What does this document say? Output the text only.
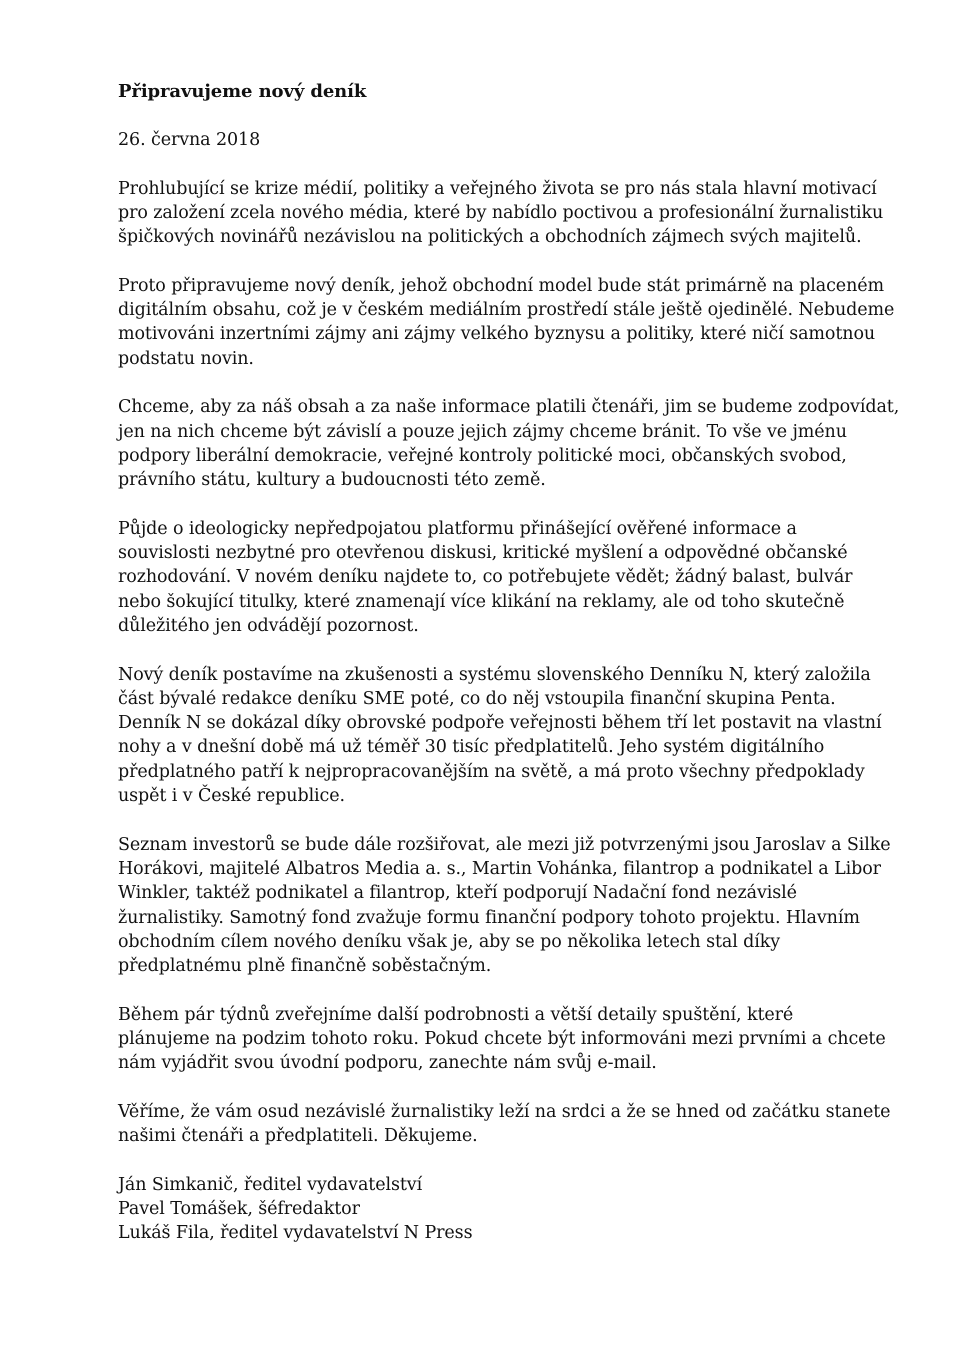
Připravujeme nový deník
26. června 2018
Prohlubující se krize médií, politiky a veřejného života se pro nás stala hlavní motivací
pro založení zcela nového média, které by nabídlo poctivou a profesionální žurnalistiku
špičkových novinářů nezávislou na politických a obchodních zájmech svých majitelů.
Proto připravujeme nový deník, jehož obchodní model bude stát primárně na placeném
digitálním obsahu, což je v českém mediálním prostředí stále ještě ojedinělé. Nebudeme
motivováni inzertními zájmy ani zájmy velkého byznysu a politiky, které ničí samotnou
podstatu novin.
Chceme, aby za náš obsah a za naše informace platili čtenáři, jim se budeme zodpovídat,
jen na nich chceme být závislí a pouze jejich zájmy chceme bránit. To vše ve jménu
podpory liberální demokracie, veřejné kontroly politické moci, občanských svobod,
právního státu, kultury a budoucnosti této země.
Půjde o ideologicky nepředpojatou platformu přinášející ověřené informace a
souvislosti nezbytné pro otevřenou diskusi, kritické myšlení a odpovědné občanské
rozhodování. V novém deníku najdete to, co potřebujete vědět; žádný balast, bulvár
nebo šokující titulky, které znamenají více klikání na reklamy, ale od toho skutečně
důležitého jen odvádějí pozornost.
Nový deník postavíme na zkušenosti a systému slovenského Denníku N, který založila
část bývalé redakce deníku SME poté, co do něj vstoupila finanční skupina Penta.
Denník N se dokázal díky obrovské podpoře veřejnosti během tří let postavit na vlastní
nohy a v dnešní době má už téměř 30 tisíc předplatitelů. Jeho systém digitálního
předplatného patří k nejpropracovanějším na světě, a má proto všechny předpoklady
uspět i v České republice.
Seznam investorů se bude dále rozšiřovat, ale mezi již potvrzenými jsou Jaroslav a Silke
Horákovi, majitelé Albatros Media a. s., Martin Vohánka, filantrop a podnikatel a Libor
Winkler, taktéž podnikatel a filantrop, kteří podporují Nadační fond nezávislé
žurnalistiky. Samotný fond zvažuje formu finanční podpory tohoto projektu. Hlavním
obchodním cílem nového deníku však je, aby se po několika letech stal díky
předplatnému plně finančně soběstačným.
Během pár týdnů zveřejníme další podrobnosti a větší detaily spuštění, které
plánujeme na podzim tohoto roku. Pokud chcete být informováni mezi prvními a chcete
nám vyjádřit svou úvodní podporu, zanechte nám svůj e-mail.
Věříme, že vám osud nezávislé žurnalistiky leží na srdci a že se hned od začátku stanete
našimi čtenáři a předplatiteli. Děkujeme.
Ján Simkanič, ředitel vydavatelství
Pavel Tomášek, šéfredaktor
Lukáš Fila, ředitel vydavatelství N Press
